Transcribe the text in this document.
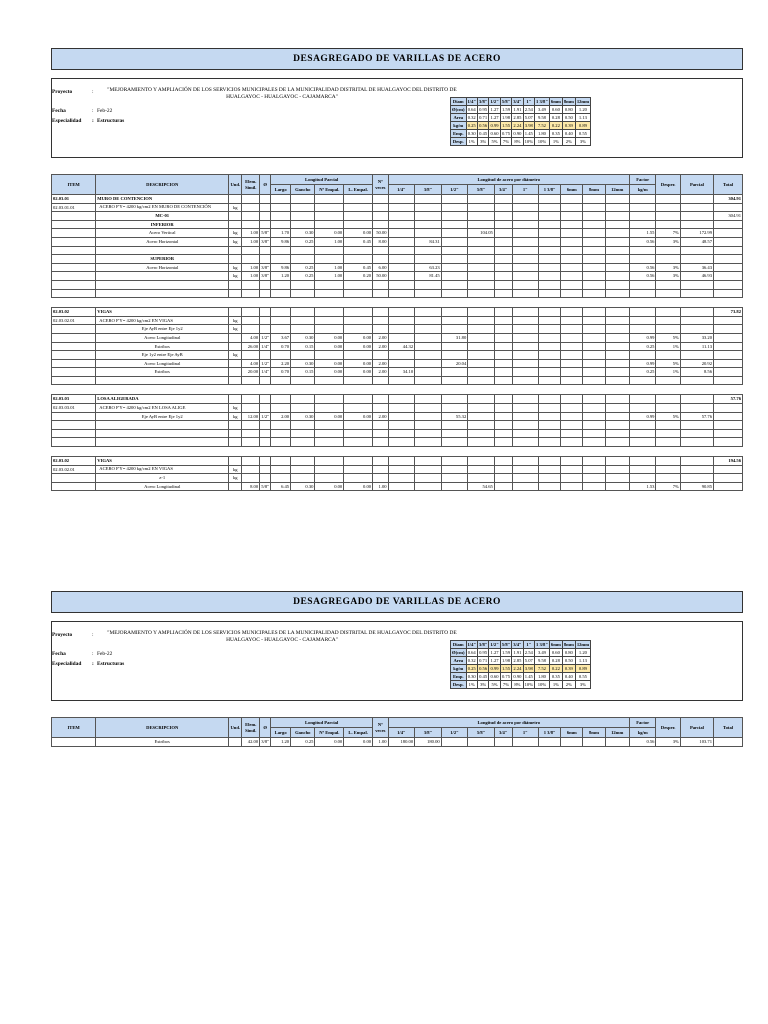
DESAGREGADO DE VARILLAS DE ACERO
Proyecto	:	"MEJORAMIENTO Y AMPLIACIÓN DE LOS SERVICIOS MUNICIPALES DE LA MUNICIPALIDAD DISTRITAL DE HUALGAYOC DEL DISTRITO DE HUALGAYOC - HUALGAYOC - CAJAMARCA"
Fecha	: Feb-22
Especialidad : Estructuras
Diam	1/4"	3/8"	1/2"	5/8"	3/4"	1"	1 3/8"	6mm	8mm	12mm
Ø(cm)	0.64	0.95	1.27	1.59	1.91	2.54	3.49	0.60	0.80	1.20
Area	0.32	0.71	1.27	1.98	2.85	5.07	9.58	0.28	0.50	1.13
kg/m	0.25	0.56	0.99	1.55	2.24	3.98	7.52	0.22	0.39	0.89
Emp.	0.30	0.45	0.60	0.75	0.90	1.45	1.80	0.35	0.40	0.55
Desp.	1%	3%	5%	7%	8%	10%	10%	1%	2%	3%
ITEM	DESCRIPCION	Und.	Elem. Simil.	Ø	Longitud Parcial				Nº veces	Longitud de acero por diámetro										Factor	Desper.	Parcial	Total
					Largo	Gancho	Nº Empal.	L. Empal.		1/4"	3/8"	1/2"	5/8"	3/4"	1"	1 3/8"	6mm	8mm	12mm	kg/m			
02.03.01	MURO DE CONTENCION																						304.91
02.03.01.01	ACERO F'Y= 4200 kg/cm2 EN MURO DE CONTENCIÓN	kg																					
	MC-01																						304.91
	INFERIOR																						
	Acero Vertical	kg	1.00	5/8"	1.70	0.30	0.00	0.00	50.00				104.05							1.55	7%	172.99	
	Acero Horizontal	kg	1.00	3/8"	9.86	0.25	1.00	0.45	8.00		84.31									0.56	3%	48.57	

	SUPERIOR																						
	Acero Horizontal	kg	1.00	3/8"	9.86	0.25	1.00	0.45	6.00		63.23									0.56	3%	36.43	
		kg	1.00	3/8"	1.20	0.25	1.00	0.20	50.00		81.45									0.56	3%	46.93	

02.03.02	VIGAS																						73.82
02.03.02.01	ACERO F'Y= 4200 kg/cm2 EN VIGAS	kg																					
	Eje AyB entre Eje 1y2	kg																					
	Acero Longitudinal		4.00	1/2"	3.67	0.30	0.00	0.00	2.00			31.80								0.99	5%	33.20	
	Estribos		26.00	1/4"	0.70	0.15	0.00	0.00	2.00	44.32										0.25	1%	11.13	
	Eje 1y2 entre Eje AyB	kg																					
	Acero Longitudinal		4.00	1/2"	2.20	0.30	0.00	0.00	2.00			20.04								0.99	5%	20.92	
	Estribos		20.00	1/4"	0.70	0.15	0.00	0.00	2.00	34.10										0.25	1%	8.56	

02.03.03	LOSA ALIGERADA																						57.76
02.03.03.01	ACERO F'Y= 4200 kg/cm2 EN LOSA ALIGE	kg																					
	Eje AyB entre Eje 1y2	kg	12.00	1/2"	2.00	0.30	0.00	0.00	2.00			55.32								0.99	5%	57.76	

02.03.02	VIGAS																						194.56
02.03.02.01	ACERO F'Y= 4200 kg/cm2 EN VIGAS	kg																					
	z-1	kg																					
	Acero Longitudinal		8.00	5/8"	6.45	0.30	0.00	0.00	1.00				54.65							1.53	7%	90.85	
DESAGREGADO DE VARILLAS DE ACERO
Proyecto	:	"MEJORAMIENTO Y AMPLIACIÓN DE LOS SERVICIOS MUNICIPALES DE LA MUNICIPALIDAD DISTRITAL DE HUALGAYOC DEL DISTRITO DE HUALGAYOC - HUALGAYOC - CAJAMARCA"
Fecha	: Feb-22
Especialidad : Estructuras
Diam	1/4"	3/8"	1/2"	5/8"	3/4"	1"	1 3/8"	6mm	8mm	12mm
Ø(cm)	0.64	0.95	1.27	1.59	1.91	2.54	3.49	0.60	0.80	1.20
Area	0.32	0.71	1.27	1.98	2.85	5.07	9.58	0.28	0.50	1.13
kg/m	0.25	0.56	0.99	1.55	2.24	3.98	7.52	0.22	0.39	0.89
Emp.	0.30	0.45	0.60	0.75	0.90	1.45	1.80	0.35	0.40	0.55
Desp.	1%	3%	5%	7%	8%	10%	10%	1%	2%	3%
ITEM	DESCRIPCION	Und.	Elem. Simil.	Ø	Longitud Parcial				Nº veces	Longitud de acero por diámetro										Factor	Desper.	Parcial	Total
					Largo	Gancho	Nº Empal.	L. Empal.		1/4"	3/8"	1/2"	5/8"	3/4"	1"	1 3/8"	6mm	8mm	12mm	kg/m			
	Estribos		42.00	3/8"	1.20	0.25	0.00	0.00	1.00	180.00	180.00									0.56	3%	103.71	
